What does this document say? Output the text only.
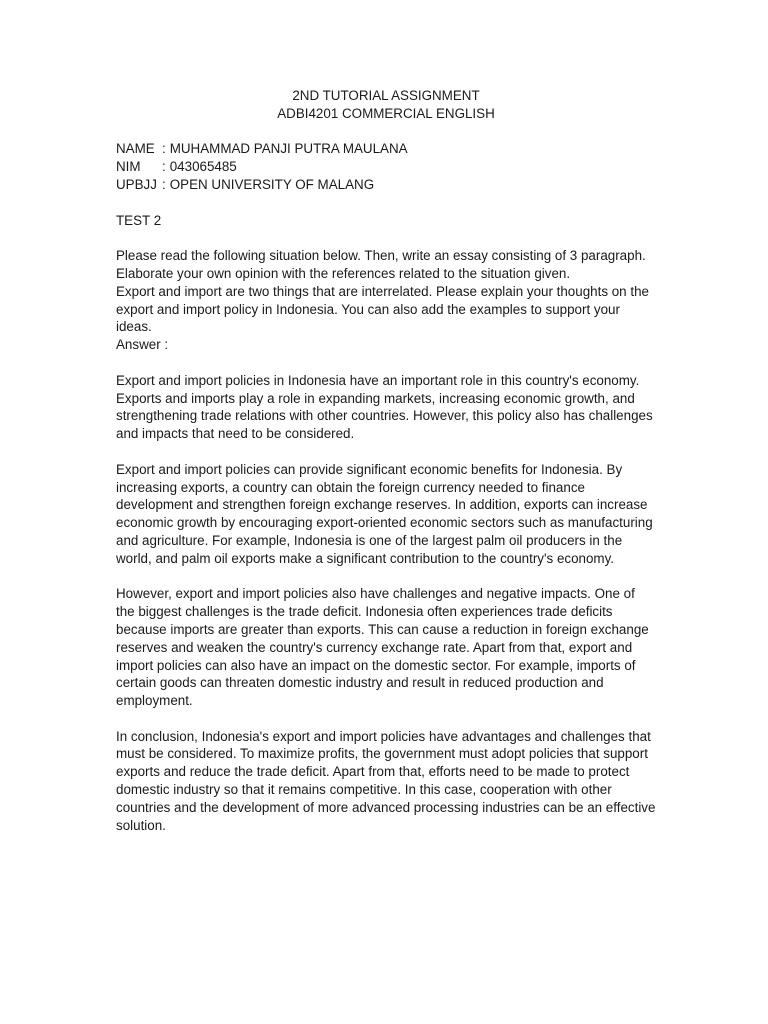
2ND TUTORIAL ASSIGNMENT

ADBI4201 COMMERCIAL ENGLISH

NAME : MUHAMMAD PANJI PUTRA MAULANA
NIM	: 043065485
UPBJJ : OPEN UNIVERSITY OF MALANG

TEST 2

Please read the following situation below. Then, write an essay consisting of 3 paragraph. Elaborate your own opinion with the references related to the situation given.

Export and import are two things that are interrelated. Please explain your thoughts on the export and import policy in Indonesia. You can also add the examples to support your ideas.

Answer :

Export and import policies in Indonesia have an important role in this country's economy. Exports and imports play a role in expanding markets, increasing economic growth, and strengthening trade relations with other countries. However, this policy also has challenges and impacts that need to be considered.

Export and import policies can provide significant economic benefits for Indonesia. By increasing exports, a country can obtain the foreign currency needed to finance development and strengthen foreign exchange reserves. In addition, exports can increase economic growth by encouraging export-oriented economic sectors such as manufacturing and agriculture. For example, Indonesia is one of the largest palm oil producers in the world, and palm oil exports make a significant contribution to the country's economy.

However, export and import policies also have challenges and negative impacts. One of the biggest challenges is the trade deficit. Indonesia often experiences trade deficits because imports are greater than exports. This can cause a reduction in foreign exchange reserves and weaken the country's currency exchange rate. Apart from that, export and import policies can also have an impact on the domestic sector. For example, imports of certain goods can threaten domestic industry and result in reduced production and employment.

In conclusion, Indonesia's export and import policies have advantages and challenges that must be considered. To maximize profits, the government must adopt policies that support exports and reduce the trade deficit. Apart from that, efforts need to be made to protect domestic industry so that it remains competitive. In this case, cooperation with other countries and the development of more advanced processing industries can be an effective solution.
